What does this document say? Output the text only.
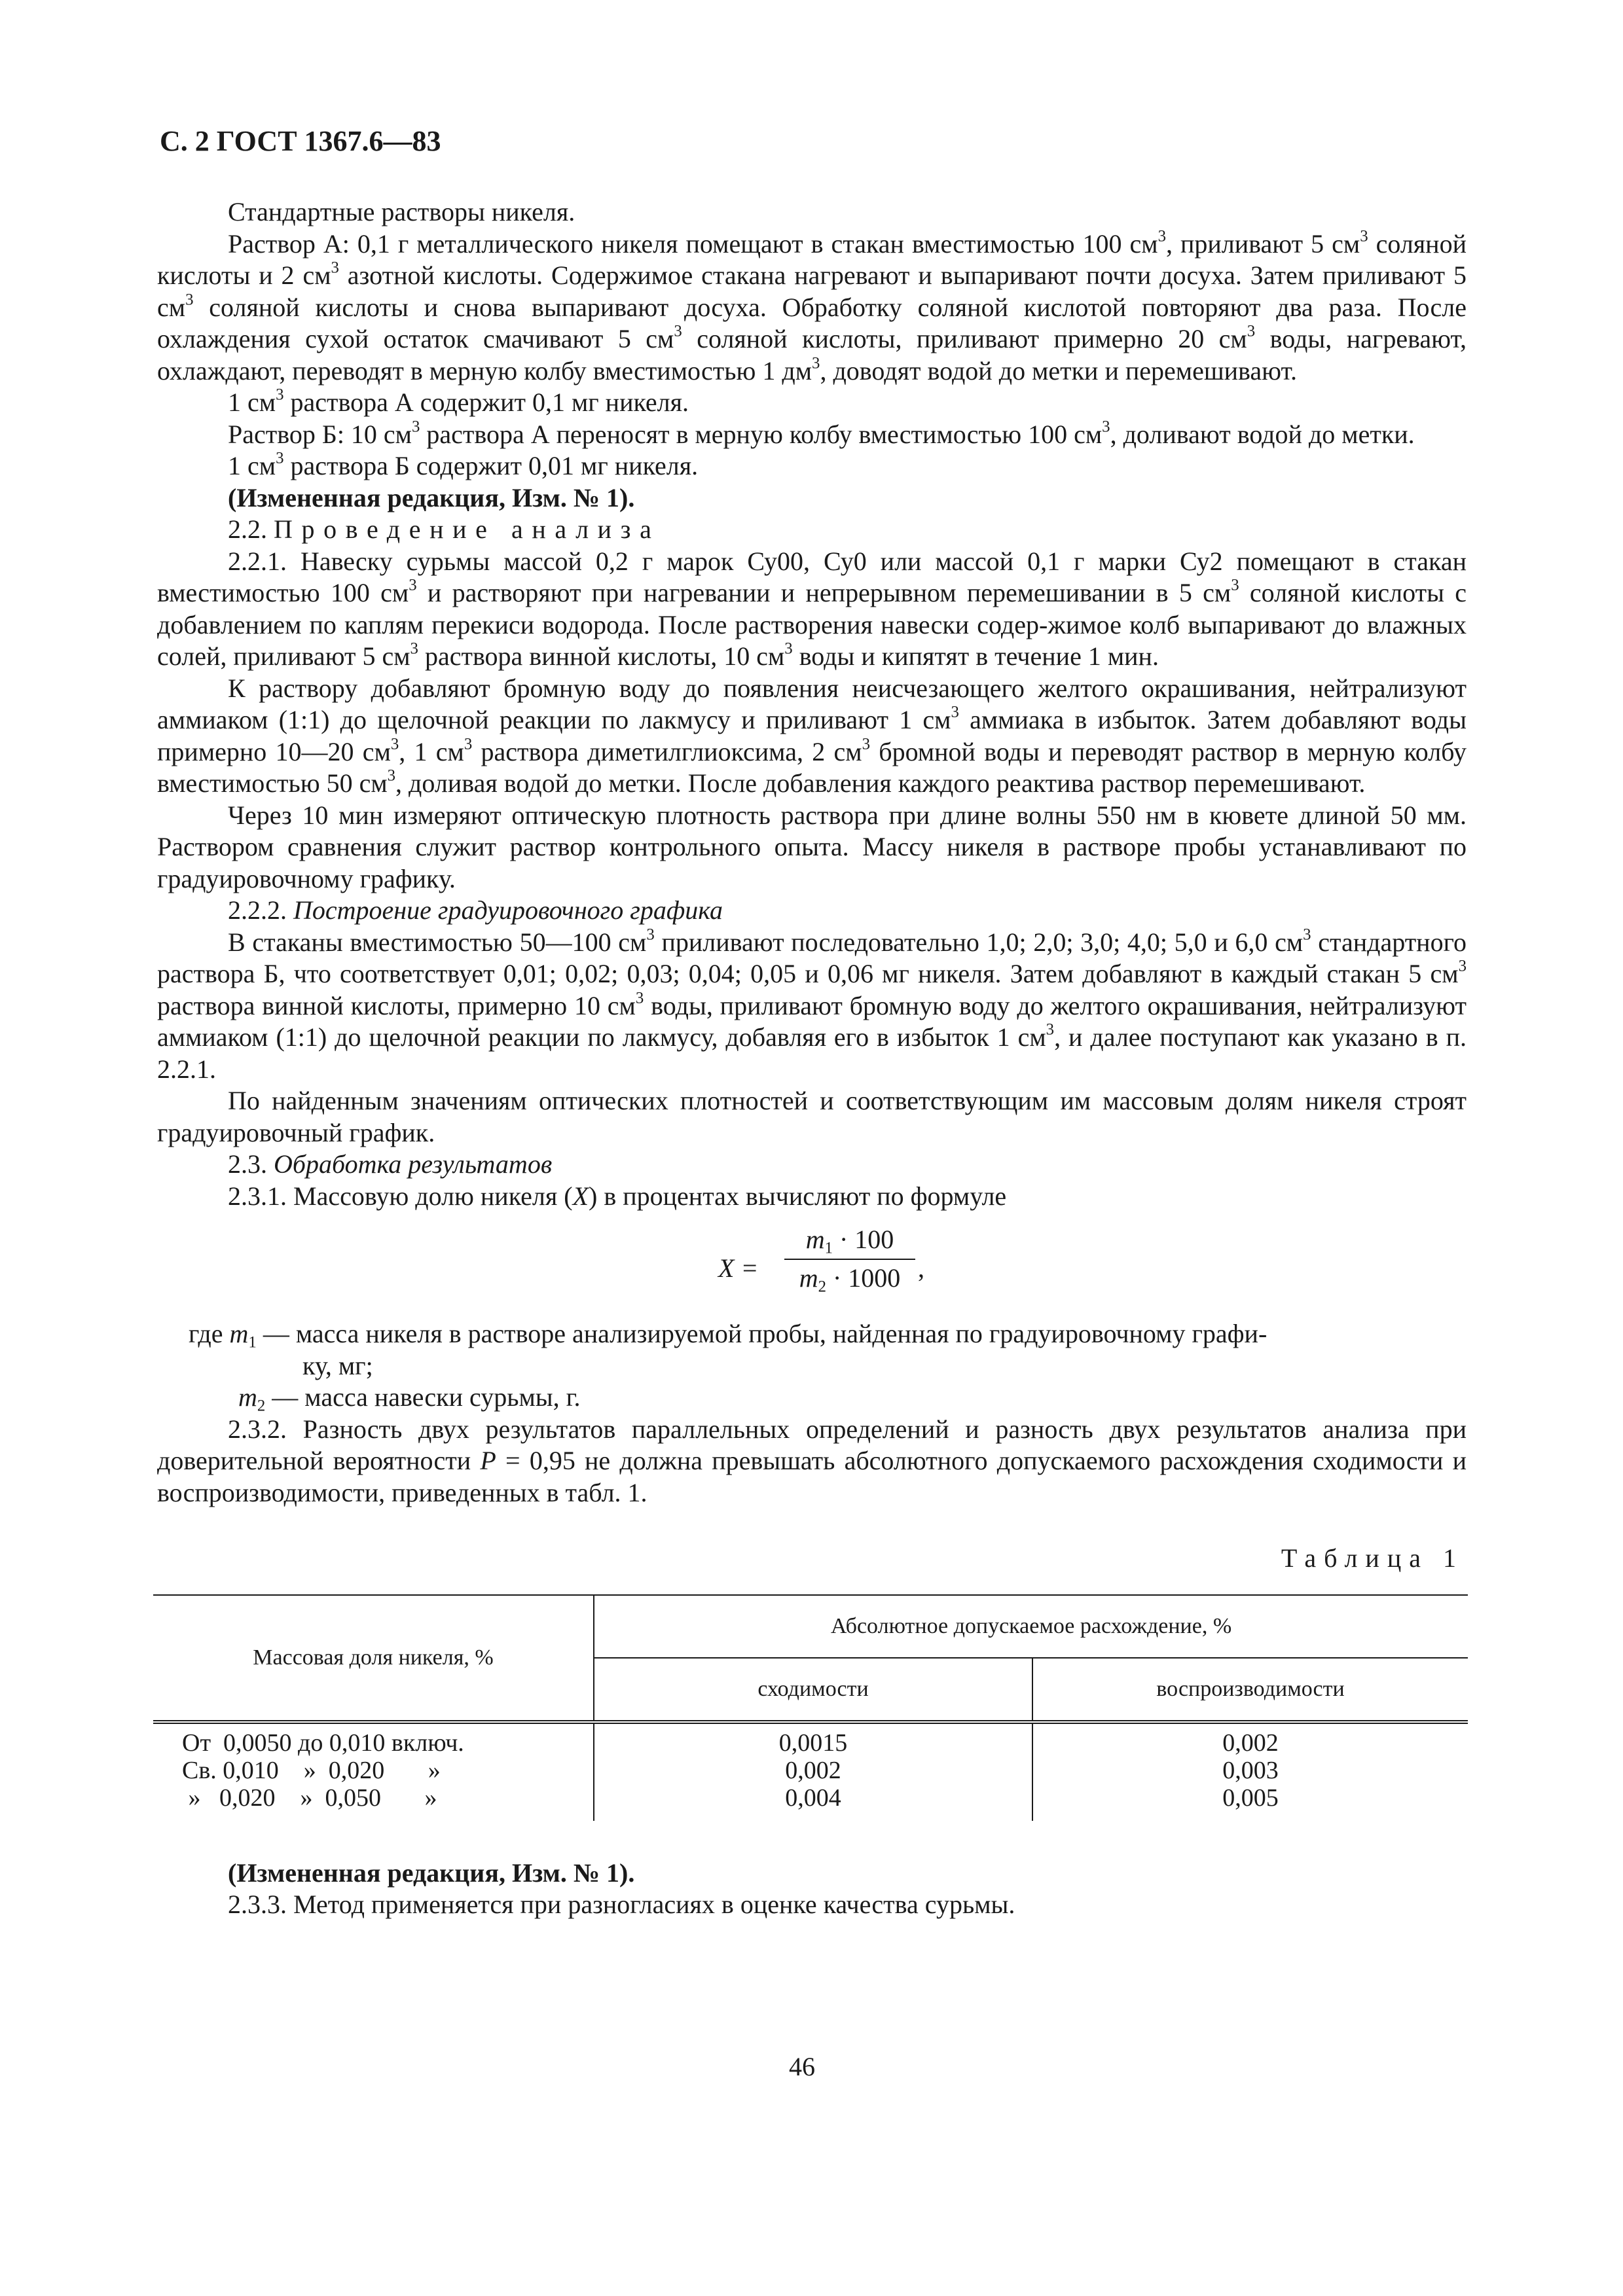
С. 2 ГОСТ 1367.6—83

Стандартные растворы никеля.

Раствор А: 0,1 г металлического никеля помещают в стакан вместимостью 100 $см^3$, приливают 5 $см^3$ соляной кислоты и 2 $см^3$ азотной кислоты. Содержимое стакана нагревают и выпаривают почти досуха. Затем приливают 5 $см^3$ соляной кислоты и снова выпаривают досуха. Обработку соляной кислотой повторяют два раза. После охлаждения сухой остаток смачивают 5 $см^3$ соляной кислоты, приливают примерно 20 $см^3$ воды, нагревают, охлаждают, переводят в мерную колбу вместимостью 1 $дм^3$, доводят водой до метки и перемешивают.

1 $см^3$ раствора А содержит 0,1 мг никеля.

Раствор Б: 10 $см^3$ раствора А переносят в мерную колбу вместимостью 100 $см^3$, доливают водой до метки.

1 $см^3$ раствора Б содержит 0,01 мг никеля.

(Измененная редакция, Изм. № 1).

2.2. Проведение анализа

2.2.1. Навеску сурьмы массой 0,2 г марок Су00, Су0 или массой 0,1 г марки Су2 помещают в стакан вместимостью 100 $см^3$ и растворяют при нагревании и непрерывном перемешивании в 5 $см^3$ соляной кислоты с добавлением по каплям перекиси водорода. После растворения навески содер-жимое колб выпаривают до влажных солей, приливают 5 $см^3$ раствора винной кислоты, 10 $см^3$ воды и кипятят в течение 1 мин.

К раствору добавляют бромную воду до появления неисчезающего желтого окрашивания, нейтрализуют аммиаком (1:1) до щелочной реакции по лакмусу и приливают 1 $см^3$ аммиака в избыток. Затем добавляют воды примерно 10—20 $см^3$, 1 $см^3$ раствора диметилглиоксима, 2 $см^3$ бромной воды и переводят раствор в мерную колбу вместимостью 50 $см^3$, доливая водой до метки. После добавления каждого реактива раствор перемешивают.

Через 10 мин измеряют оптическую плотность раствора при длине волны 550 нм в кювете длиной 50 мм. Раствором сравнения служит раствор контрольного опыта. Массу никеля в растворе пробы устанавливают по градуировочному графику.

2.2.2. Построение градуировочного графика

В стаканы вместимостью 50—100 $см^3$ приливают последовательно 1,0; 2,0; 3,0; 4,0; 5,0 и 6,0 $см^3$ стандартного раствора Б, что соответствует 0,01; 0,02; 0,03; 0,04; 0,05 и 0,06 мг никеля. Затем добавляют в каждый стакан 5 $см^3$ раствора винной кислоты, примерно 10 $см^3$ воды, приливают бромную воду до желтого окрашивания, нейтрализуют аммиаком (1:1) до щелочной реакции по лакмусу, добавляя его в избыток 1 $см^3$, и далее поступают как указано в п. 2.2.1.

По найденным значениям оптических плотностей и соответствующим им массовым долям никеля строят градуировочный график.

2.3. Обработка результатов

2.3.1. Массовую долю никеля (X) в процентах вычисляют по формуле

$X = \frac{m_1 \cdot 100}{m_2 \cdot 1000}$ ,
где $m_1$ — масса никеля в растворе анализируемой пробы, найденная по градуировочному графи-
ку, мг;
$m_2$ — масса навески сурьмы, г.

2.3.2. Разность двух результатов параллельных определений и разность двух результатов анализа при доверительной вероятности P = 0,95 не должна превышать абсолютного допускаемого расхождения сходимости и воспроизводимости, приведенных в табл. 1.

Таблица 1
Массовая доля никеля, %	Абсолютное допускаемое расхождение, %	
	сходимости	воспроизводимости
От  0,0050 до 0,010 включ.	0,0015	0,002
Св. 0,010    »  0,020       »	0,002	0,003
»   0,020    »  0,050       »	0,004	0,005

(Измененная редакция, Изм. № 1).

2.3.3. Метод применяется при разногласиях в оценке качества сурьмы.

46
